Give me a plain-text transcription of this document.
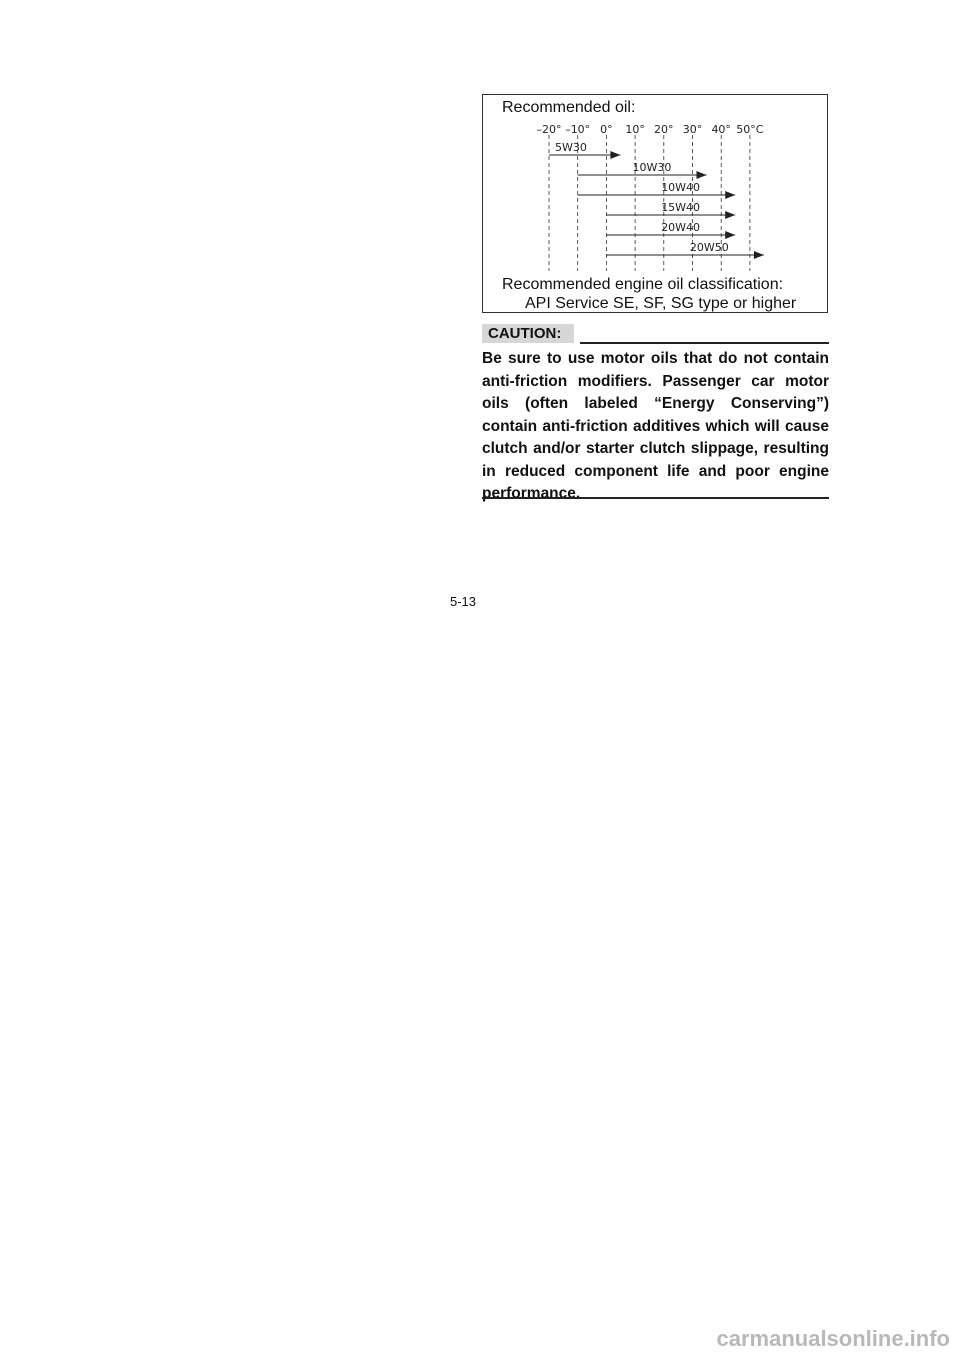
Recommended oil:
–20° –10° 0° 10° 20° 30° 40° 50°C
5W30
10W30
10W40
15W40
20W40
20W50
Recommended engine oil classification:
API Service SE, SF, SG type or higher
CAUTION:

Be sure to use motor oils that do not contain anti-friction modifiers. Passenger car motor oils (often labeled “Energy Conserving”) contain anti-friction additives which will cause clutch and/or starter clutch slippage, resulting in reduced component life and poor engine performance.

5-13
carmanualsonline.info
